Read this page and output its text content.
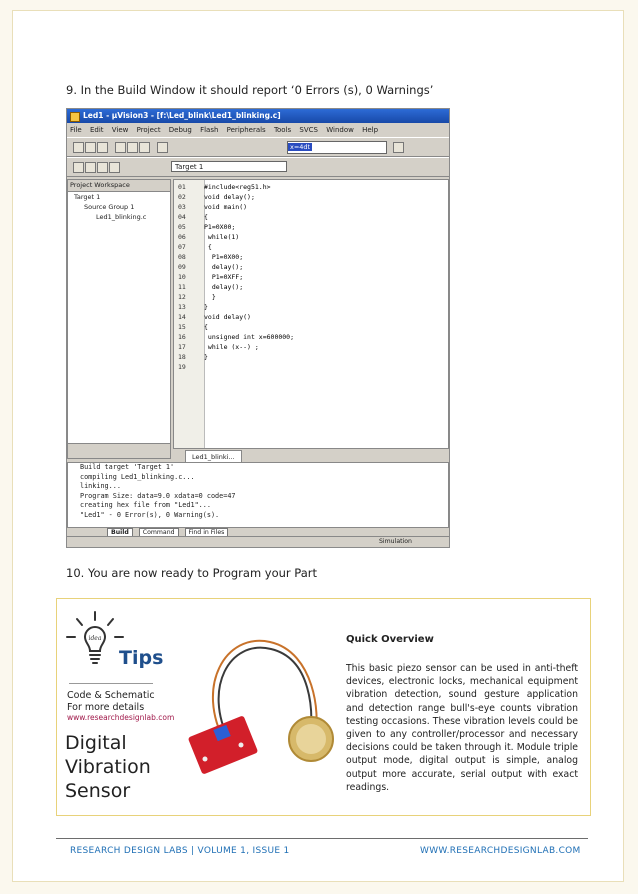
9. In the Build Window it should report ‘0 Errors (s), 0 Warnings’
Led1 - µVision3 - [f:\Led_blink\Led1_blinking.c]
File Edit View Project Debug Flash Peripherals Tools SVCS Window Help
x=4dt
Target 1
Project Workspace
Target 1
Source Group 1
Led1_blinking.c
01	#include<reg51.h>
02	void delay();
03	void main()
04	{
05	P1=0X00;
06	while(1)
07	{
08	P1=0X00;
09	delay();
10	P1=0XFF;
11	delay();
12	}
13	}
14	void delay()
15	{
16	unsigned int x=600000;
17	while (x--) ;
18	}
19
Led1_blinki...
Build target 'Target 1'
compiling Led1_blinking.c...
linking...
Program Size: data=9.0 xdata=0 code=47
creating hex file from "Led1"...
"Led1" - 0 Error(s), 0 Warning(s).
Build Command Find in Files
Simulation
10. You are now ready to Program your Part
idea
Tips
Code & Schematic
For more details
www.researchdesignlab.com
Digital
Vibration
Sensor
Quick Overview
This basic piezo sensor can be used in anti-theft devices, electronic locks, mechanical equipment vibration detection, sound gesture application and detection range bull's-eye counts vibration testing occasions. These vibration levels could be given to any controller/processor and necessary decisions could be taken through it. Module triple output mode, digital output is simple, analog output more accurate, serial output with exact readings.
RESEARCH DESIGN LABS | VOLUME 1, ISSUE 1	WWW.RESEARCHDESIGNLAB.COM
